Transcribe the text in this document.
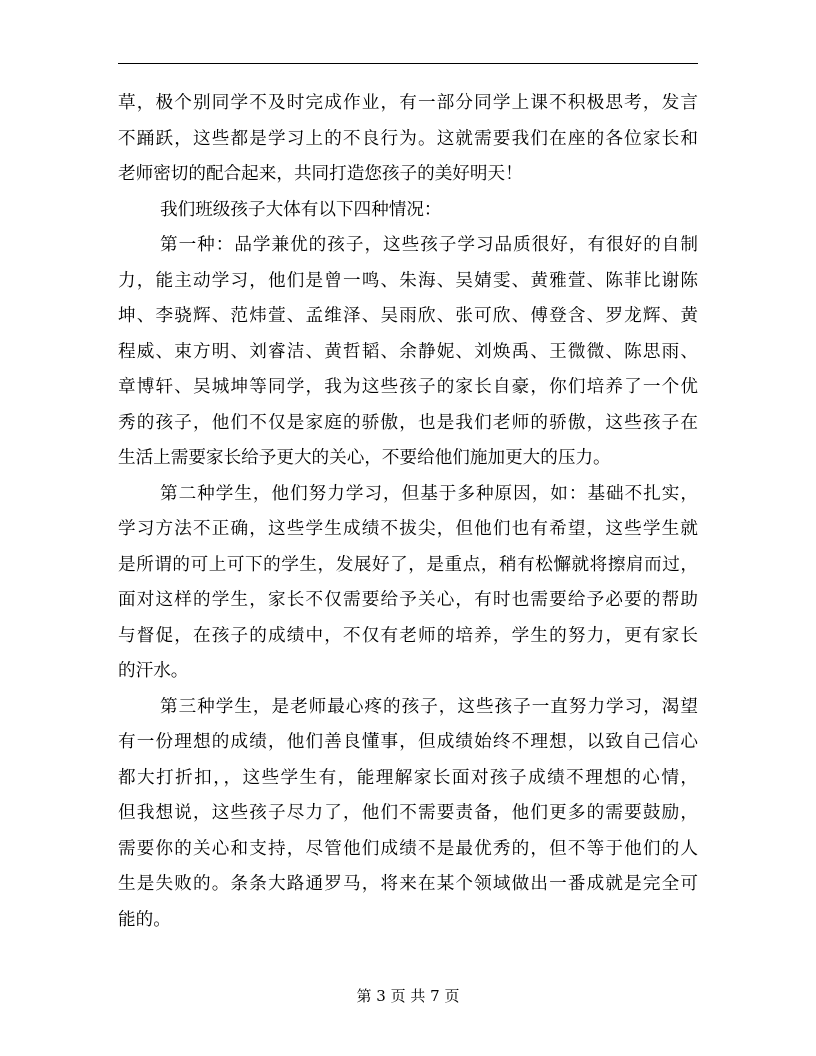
草，极个别同学不及时完成作业，有一部分同学上课不积极思考，发言
不踊跃，这些都是学习上的不良行为。这就需要我们在座的各位家长和
老师密切的配合起来，共同打造您孩子的美好明天！
我们班级孩子大体有以下四种情况：
第一种：品学兼优的孩子，这些孩子学习品质很好，有很好的自制
力，能主动学习，他们是曾一鸣、朱海、吴婧雯、黄雅萱、陈菲比谢陈
坤、李骁辉、范炜萱、孟维泽、吴雨欣、张可欣、傅登含、罗龙辉、黄
程威、束方明、刘睿洁、黄哲韬、余静妮、刘焕禹、王微微、陈思雨、
章博轩、吴城坤等同学，我为这些孩子的家长自豪，你们培养了一个优
秀的孩子，他们不仅是家庭的骄傲，也是我们老师的骄傲，这些孩子在
生活上需要家长给予更大的关心，不要给他们施加更大的压力。
第二种学生，他们努力学习，但基于多种原因，如：基础不扎实，
学习方法不正确，这些学生成绩不拔尖，但他们也有希望，这些学生就
是所谓的可上可下的学生，发展好了，是重点，稍有松懈就将擦肩而过，
面对这样的学生，家长不仅需要给予关心，有时也需要给予必要的帮助
与督促，在孩子的成绩中，不仅有老师的培养，学生的努力，更有家长
的汗水。
第三种学生，是老师最心疼的孩子，这些孩子一直努力学习，渴望
有一份理想的成绩，他们善良懂事，但成绩始终不理想，以致自己信心
都大打折扣，，这些学生有，能理解家长面对孩子成绩不理想的心情，
但我想说，这些孩子尽力了，他们不需要责备，他们更多的需要鼓励，
需要你的关心和支持，尽管他们成绩不是最优秀的，但不等于他们的人
生是失败的。条条大路通罗马，将来在某个领域做出一番成就是完全可
能的。
第 3 页 共 7 页
